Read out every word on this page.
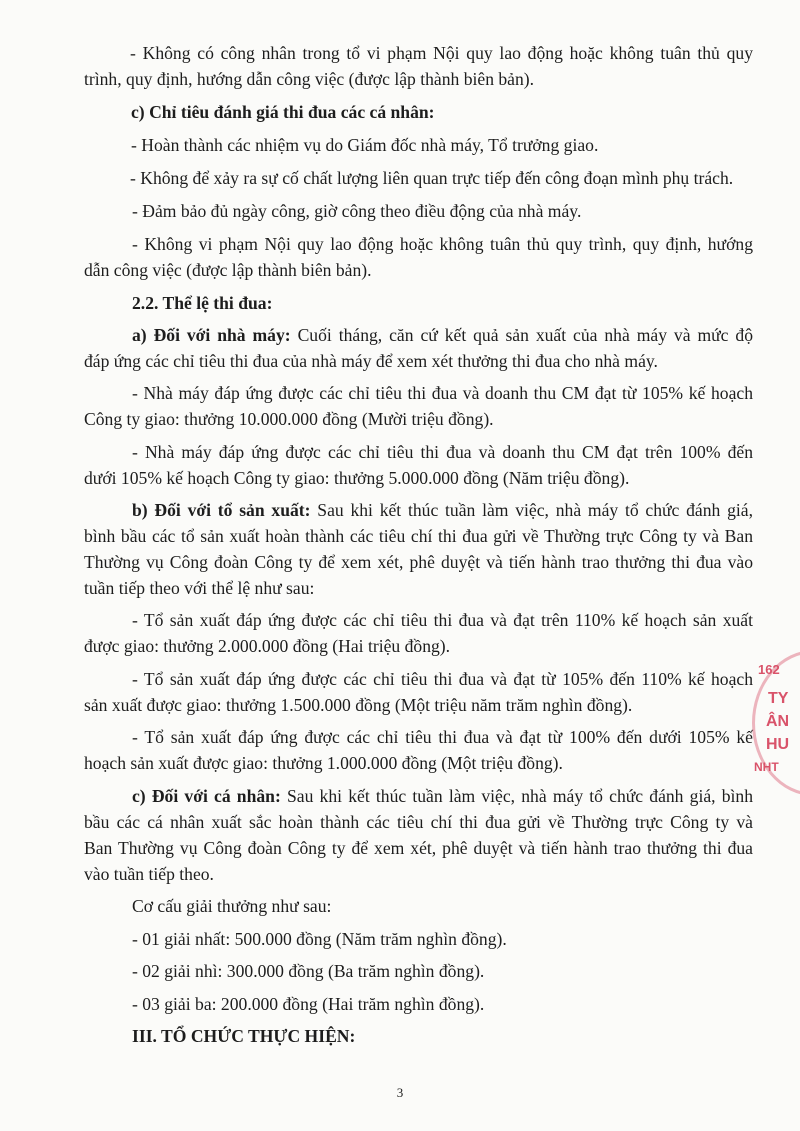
- Không có công nhân trong tổ vi phạm Nội quy lao động hoặc không tuân thủ quy
trình, quy định, hướng dẫn công việc (được lập thành biên bản).
c) Chỉ tiêu đánh giá thi đua các cá nhân:
- Hoàn thành các nhiệm vụ do Giám đốc nhà máy, Tổ trưởng giao.
- Không để xảy ra sự cố chất lượng liên quan trực tiếp đến công đoạn mình phụ trách.
- Đảm bảo đủ ngày công, giờ công theo điều động của nhà máy.
- Không vi phạm Nội quy lao động hoặc không tuân thủ quy trình, quy định, hướng
dẫn công việc (được lập thành biên bản).
2.2. Thể lệ thi đua:
a) Đối với nhà máy: Cuối tháng, căn cứ kết quả sản xuất của nhà máy và mức độ
đáp ứng các chỉ tiêu thi đua của nhà máy để xem xét thưởng thi đua cho nhà máy.
- Nhà máy đáp ứng được các chỉ tiêu thi đua và doanh thu CM đạt từ 105% kế hoạch
Công ty giao: thưởng 10.000.000 đồng (Mười triệu đồng).
- Nhà máy đáp ứng được các chỉ tiêu thi đua và doanh thu CM đạt trên 100% đến
dưới 105% kế hoạch Công ty giao: thưởng 5.000.000 đồng (Năm triệu đồng).
b) Đối với tổ sản xuất: Sau khi kết thúc tuần làm việc, nhà máy tổ chức đánh giá,
bình bầu các tổ sản xuất hoàn thành các tiêu chí thi đua gửi về Thường trực Công ty và Ban
Thường vụ Công đoàn Công ty để xem xét, phê duyệt và tiến hành trao thưởng thi đua vào
tuần tiếp theo với thể lệ như sau:
- Tổ sản xuất đáp ứng được các chỉ tiêu thi đua và đạt trên 110% kế hoạch sản xuất
được giao: thưởng 2.000.000 đồng (Hai triệu đồng).
- Tổ sản xuất đáp ứng được các chỉ tiêu thi đua và đạt từ 105% đến 110% kế hoạch
sản xuất được giao: thưởng 1.500.000 đồng (Một triệu năm trăm nghìn đồng).
- Tổ sản xuất đáp ứng được các chỉ tiêu thi đua và đạt từ 100% đến dưới 105% kế
hoạch sản xuất được giao: thưởng 1.000.000 đồng (Một triệu đồng).
c) Đối với cá nhân: Sau khi kết thúc tuần làm việc, nhà máy tổ chức đánh giá, bình
bầu các cá nhân xuất sắc hoàn thành các tiêu chí thi đua gửi về Thường trực Công ty và
Ban Thường vụ Công đoàn Công ty để xem xét, phê duyệt và tiến hành trao thưởng thi đua
vào tuần tiếp theo.
Cơ cấu giải thưởng như sau:
- 01 giải nhất: 500.000 đồng (Năm trăm nghìn đồng).
- 02 giải nhì: 300.000 đồng (Ba trăm nghìn đồng).
- 03 giải ba: 200.000 đồng (Hai trăm nghìn đồng).
III. TỔ CHỨC THỰC HIỆN:
162
TY
ÂN
HU
NHT
3
